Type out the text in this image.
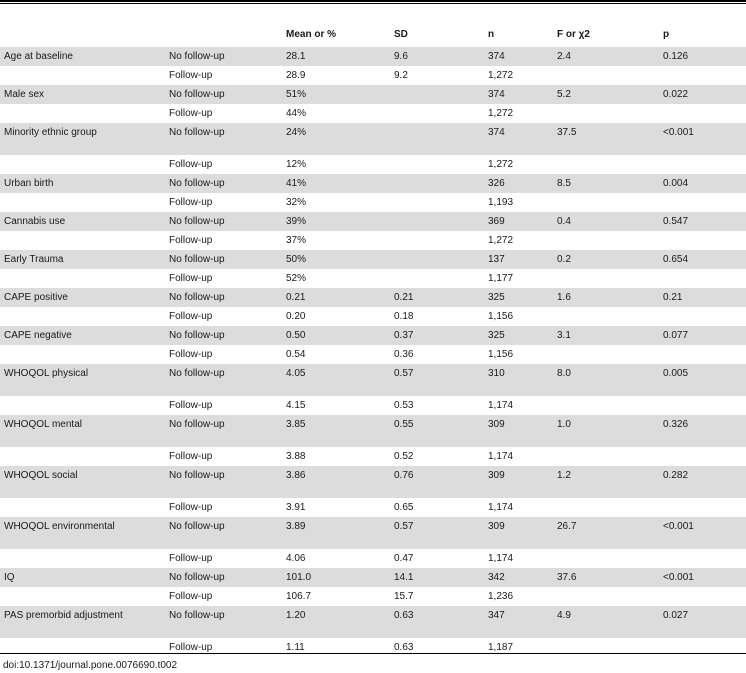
		Mean or %	SD	n	F or χ2	p
Age at baseline	No follow-up	28.1	9.6	374	2.4	0.126
	Follow-up	28.9	9.2	1,272		
Male sex	No follow-up	51%		374	5.2	0.022
	Follow-up	44%		1,272		
Minority ethnic group	No follow-up	24%		374	37.5	<0.001
	Follow-up	12%		1,272		
Urban birth	No follow-up	41%		326	8.5	0.004
	Follow-up	32%		1,193		
Cannabis use	No follow-up	39%		369	0.4	0.547
	Follow-up	37%		1,272		
Early Trauma	No follow-up	50%		137	0.2	0.654
	Follow-up	52%		1,177		
CAPE positive	No follow-up	0.21	0.21	325	1.6	0.21
	Follow-up	0.20	0.18	1,156		
CAPE negative	No follow-up	0.50	0.37	325	3.1	0.077
	Follow-up	0.54	0.36	1,156		
WHOQOL physical	No follow-up	4.05	0.57	310	8.0	0.005
	Follow-up	4.15	0.53	1,174		
WHOQOL mental	No follow-up	3.85	0.55	309	1.0	0.326
	Follow-up	3.88	0.52	1,174		
WHOQOL social	No follow-up	3.86	0.76	309	1.2	0.282
	Follow-up	3.91	0.65	1,174		
WHOQOL environmental	No follow-up	3.89	0.57	309	26.7	<0.001
	Follow-up	4.06	0.47	1,174		
IQ	No follow-up	101.0	14.1	342	37.6	<0.001
	Follow-up	106.7	15.7	1,236		
PAS premorbid adjustment	No follow-up	1.20	0.63	347	4.9	0.027
	Follow-up	1.11	0.63	1,187		
doi:10.1371/journal.pone.0076690.t002
